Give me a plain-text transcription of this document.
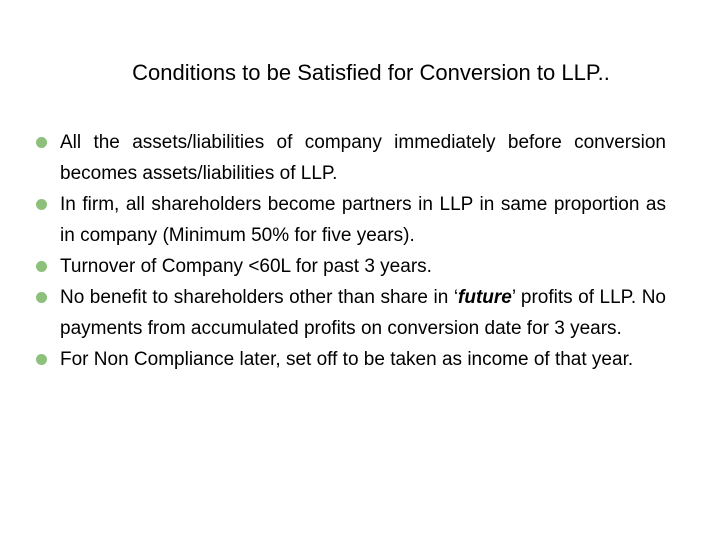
Conditions to be Satisfied for Conversion to LLP..
All the assets/liabilities of company immediately before conversion becomes assets/liabilities of LLP.
In firm, all shareholders become partners in LLP in same proportion as in company (Minimum 50% for five years).
Turnover of Company <60L for past 3 years.
No benefit to shareholders other than share in ‘future’ profits of LLP. No payments from accumulated profits on conversion date for 3 years.
For Non Compliance later, set off to be taken as income of that year.
